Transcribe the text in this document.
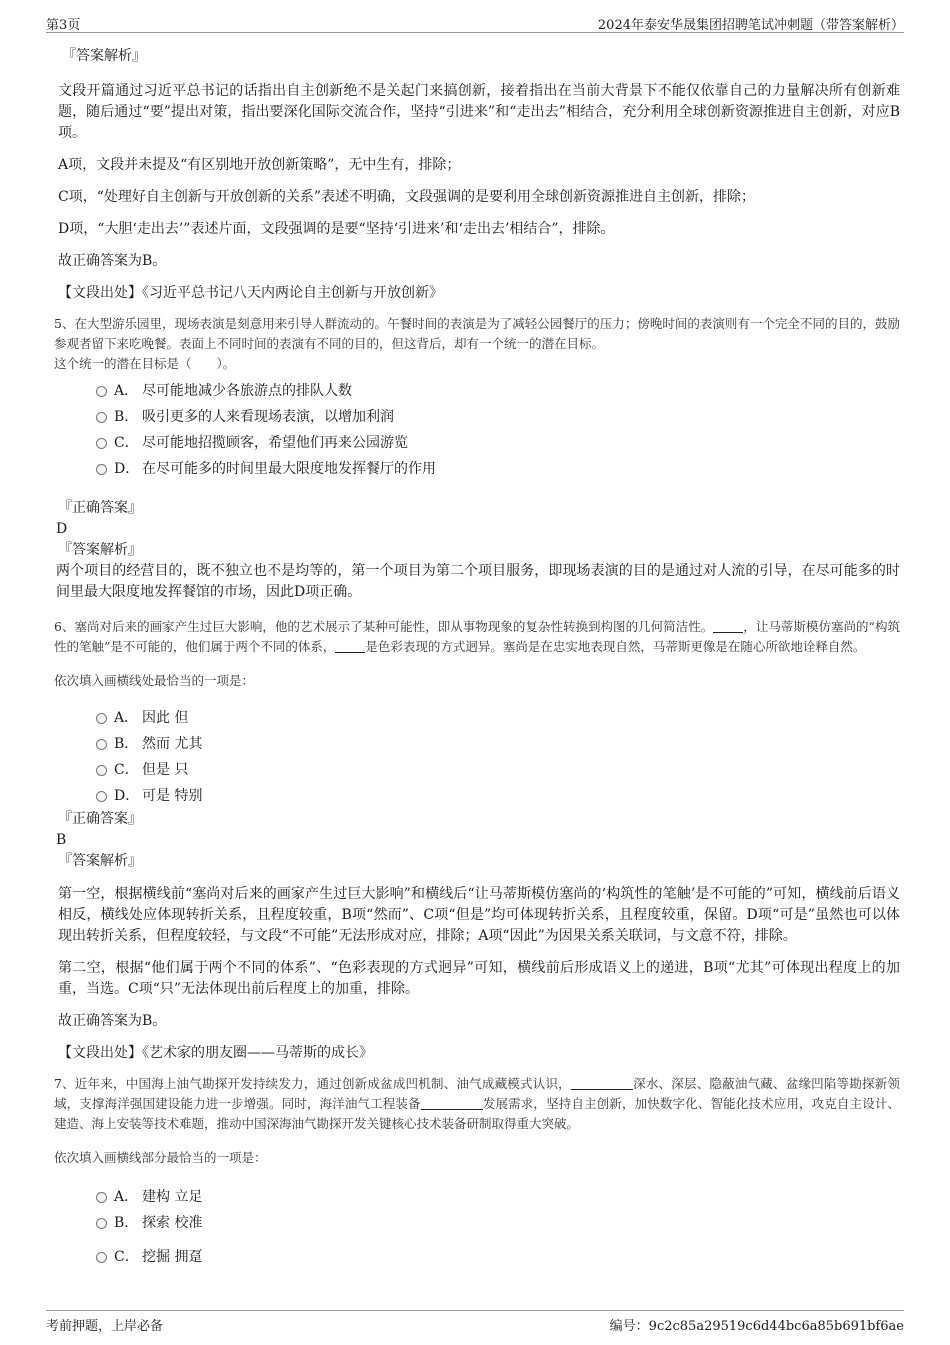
第3页	2024年泰安华晟集团招聘笔试冲刺题（带答案解析）
『答案解析』

文段开篇通过习近平总书记的话指出自主创新绝不是关起门来搞创新，接着指出在当前大背景下不能仅依靠自己的力量解决所有创新难题，随后通过“要”提出对策，指出要深化国际交流合作，坚持“引进来”和“走出去”相结合，充分利用全球创新资源推进自主创新，对应B项。

A项，文段并未提及“有区别地开放创新策略”，无中生有，排除；

C项，“处理好自主创新与开放创新的关系”表述不明确，文段强调的是要利用全球创新资源推进自主创新，排除；

D项，“大胆‘走出去’”表述片面，文段强调的是要“坚持‘引进来’和‘走出去’相结合”，排除。

故正确答案为B。

【文段出处】《习近平总书记八天内两论自主创新与开放创新》

5、在大型游乐园里，现场表演是刻意用来引导人群流动的。午餐时间的表演是为了减轻公园餐厅的压力；傍晚时间的表演则有一个完全不同的目的，鼓励参观者留下来吃晚餐。表面上不同时间的表演有不同的目的，但这背后，却有一个统一的潜在目标。

这个统一的潜在目标是（　　）。

A． 尽可能地减少各旅游点的排队人数
B． 吸引更多的人来看现场表演，以增加利润
C． 尽可能地招揽顾客，希望他们再来公园游览
D． 在尽可能多的时间里最大限度地发挥餐厅的作用
『正确答案』
D
『答案解析』

两个项目的经营目的，既不独立也不是均等的，第一个项目为第二个项目服务，即现场表演的目的是通过对人流的引导，在尽可能多的时间里最大限度地发挥餐馆的市场，因此D项正确。

6、塞尚对后来的画家产生过巨大影响，他的艺术展示了某种可能性，即从事物现象的复杂性转换到构图的几何简洁性。 ，让马蒂斯模仿塞尚的“构筑性的笔触”是不可能的，他们属于两个不同的体系， 是色彩表现的方式迥异。塞尚是在忠实地表现自然，马蒂斯更像是在随心所欲地诠释自然。

依次填入画横线处最恰当的一项是：

A． 因此 但
B． 然而 尤其
C． 但是 只
D． 可是 特别
『正确答案』
B
『答案解析』

第一空，根据横线前“塞尚对后来的画家产生过巨大影响”和横线后“让马蒂斯模仿塞尚的‘构筑性的笔触’是不可能的”可知，横线前后语义相反，横线处应体现转折关系，且程度较重，B项“然而”、C项“但是”均可体现转折关系，且程度较重，保留。D项“可是”虽然也可以体现出转折关系，但程度较轻，与文段“不可能”无法形成对应，排除；A项“因此”为因果关系关联词，与文意不符，排除。

第二空，根据“他们属于两个不同的体系”、“色彩表现的方式迥异”可知，横线前后形成语义上的递进，B项“尤其”可体现出程度上的加重，当选。C项“只”无法体现出前后程度上的加重，排除。

故正确答案为B。

【文段出处】《艺术家的朋友圈——马蒂斯的成长》

7、近年来，中国海上油气勘探开发持续发力，通过创新成盆成凹机制、油气成藏模式认识，	深水、深层、隐蔽油气藏、盆缘凹陷等勘探新领域，支撑海洋强国建设能力进一步增强。同时，海洋油气工程装备	发展需求，坚持自主创新，加快数字化、智能化技术应用，攻克自主设计、建造、海上安装等技术难题，推动中国深海油气勘探开发关键核心技术装备研制取得重大突破。

依次填入画横线部分最恰当的一项是：

A． 建构 立足
B． 探索 校准
C． 挖掘 拥趸
考前押题，上岸必备	编号：9c2c85a29519c6d44bc6a85b691bf6ae
